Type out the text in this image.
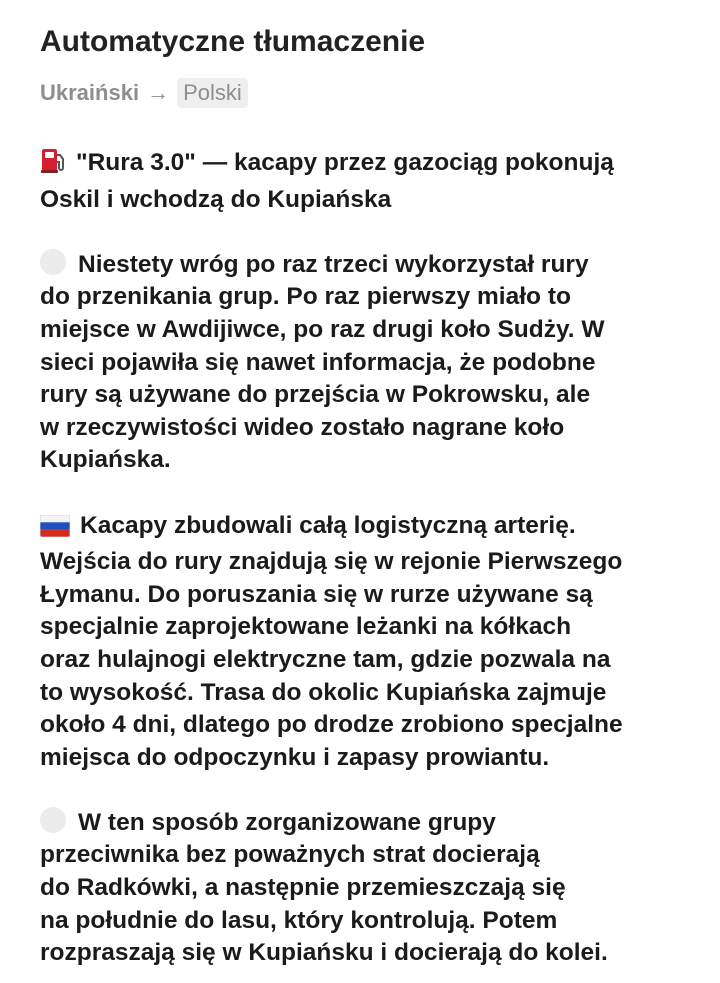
Automatyczne tłumaczenie
Ukraiński → Polski

"Rura 3.0" — kacapy przez gazociąg pokonują
Oskil i wchodzą do Kupiańska

Niestety wróg po raz trzeci wykorzystał rury
do przenikania grup. Po raz pierwszy miało to
miejsce w Awdijiwce, po raz drugi koło Sudży. W
sieci pojawiła się nawet informacja, że podobne
rury są używane do przejścia w Pokrowsku, ale
w rzeczywistości wideo zostało nagrane koło
Kupiańska.

Kacapy zbudowali całą logistyczną arterię.
Wejścia do rury znajdują się w rejonie Pierwszego
Łymanu. Do poruszania się w rurze używane są
specjalnie zaprojektowane leżanki na kółkach
oraz hulajnogi elektryczne tam, gdzie pozwala na
to wysokość. Trasa do okolic Kupiańska zajmuje
około 4 dni, dlatego po drodze zrobiono specjalne
miejsca do odpoczynku i zapasy prowiantu.

W ten sposób zorganizowane grupy
przeciwnika bez poważnych strat docierają
do Radkówki, a następnie przemieszczają się
na południe do lasu, który kontrolują. Potem
rozpraszają się w Kupiańsku i docierają do kolei.
